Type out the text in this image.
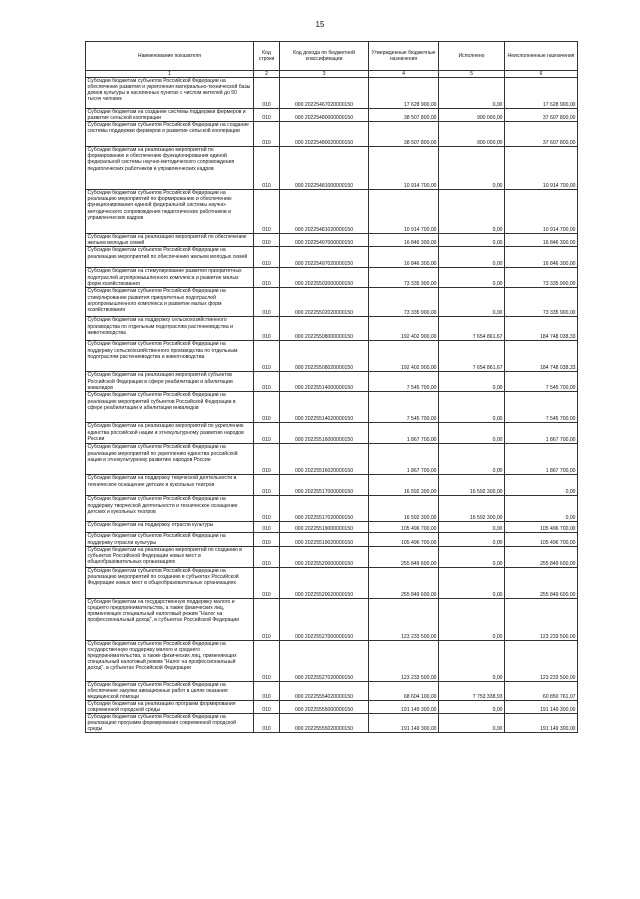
15
Наименование показателя	Код строки	Код дохода по бюджетной классификации	Утвержденные бюджетные назначения	Исполнено	Неисполненные назначения
1	2	3	4	5	6
Субсидии бюджетам субъектов Российской Федерации на обеспечение развития и укрепления материально-технической базы домов культуры в населенных пунктах с числом жителей до 50 тысяч человек	010	000 20225467020000150	17 628 900,00	0,00	17 628 900,00
Субсидии бюджетам на создание системы поддержки фермеров и развитие сельской кооперации	010	000 20225480000000150	38 507 800,00	900 000,00	37 607 800,00
Субсидии бюджетам субъектов Российской Федерации на создание системы поддержки фермеров и развитие сельской кооперации	010	000 20225480020000150	38 507 800,00	900 000,00	37 607 800,00
Субсидии бюджетам на реализацию мероприятий по формированию и обеспечению функционирования единой федеральной системы научно-методического сопровождения педагогических работников и управленческих кадров	010	000 20225481000000150	10 914 700,00	0,00	10 914 700,00
Субсидии бюджетам субъектов Российской Федерации на реализацию мероприятий по формированию и обеспечению функционирования единой федеральной системы научно-методического сопровождения педагогических работников и управленческих кадров	010	000 20225481020000150	10 914 700,00	0,00	10 914 700,00
Субсидии бюджетам на реализацию мероприятий по обеспечению жильем молодых семей	010	000 20225497000000150	16 846 300,00	0,00	16 846 300,00
Субсидии бюджетам субъектов Российской Федерации на реализацию мероприятий по обеспечению жильем молодых семей	010	000 20225497020000150	16 846 300,00	0,00	16 846 300,00
Субсидии бюджетам на стимулирование развития приоритетных подотраслей агропромышленного комплекса и развитие малых форм хозяйствования	010	000 20225502000000150	73 335 900,00	0,00	73 335 900,00
Субсидии бюджетам субъектов Российской Федерации на стимулирование развития приоритетных подотраслей агропромышленного комплекса и развитие малых форм хозяйствования	010	000 20225502020000150	73 335 900,00	0,00	73 335 900,00
Субсидии бюджетам на поддержку сельскохозяйственного производства по отдельным подотраслям растениеводства и животноводства	010	000 20225508000000150	192 402 900,00	7 654 861,67	184 748 038,33
Субсидии бюджетам субъектов Российской Федерации на поддержку сельскохозяйственного производства по отдельным подотраслям растениеводства и животноводства	010	000 20225508020000150	192 402 900,00	7 654 861,67	184 748 038,33
Субсидии бюджетам на реализацию мероприятий субъектов Российской Федерации в сфере реабилитации и абилитации инвалидов	010	000 20225514000000150	7 545 700,00	0,00	7 545 700,00
Субсидии бюджетам субъектов Российской Федерации на реализацию мероприятий субъектов Российской Федерации в сфере реабилитации и абилитации инвалидов	010	000 20225514020000150	7 545 700,00	0,00	7 545 700,00
Субсидии бюджетам на реализацию мероприятий по укреплению единства российской нации и этнокультурному развитию народов России	010	000 20225516000000150	1 867 700,00	0,00	1 867 700,00
Субсидии бюджетам субъектов Российской Федерации на реализацию мероприятий по укреплению единства российской нации и этнокультурному развитию народов России	010	000 20225516020000150	1 867 700,00	0,00	1 867 700,00
Субсидии бюджетам на поддержку творческой деятельности и техническое оснащение детских и кукольных театров	010	000 20225517000000150	16 592 300,00	16 592 300,00	0,00
Субсидии бюджетам субъектов Российской Федерации на поддержку творческой деятельности и техническое оснащение детских и кукольных театров	010	000 20225517020000150	16 592 300,00	16 592 300,00	0,00
Субсидии бюджетам на поддержку отрасли культуры	010	000 20225519000000150	105 496 700,00	0,00	105 496 700,00
Субсидии бюджетам субъектов Российской Федерации на поддержку отрасли культуры	010	000 20225519020000150	105 496 700,00	0,00	105 496 700,00
Субсидии бюджетам на реализацию мероприятий по созданию в субъектах Российской Федерации новых мест в общеобразовательных организациях	010	000 20225520000000150	255 849 600,00	0,00	255 849 600,00
Субсидии бюджетам субъектов Российской Федерации на реализацию мероприятий по созданию в субъектах Российской Федерации новых мест в общеобразовательных организациях	010	000 20225520020000150	255 849 600,00	0,00	255 849 600,00
Субсидии бюджетам на государственную поддержку малого и среднего предпринимательства, а также физических лиц, применяющих специальный налоговый режим "Налог на профессиональный доход", в субъектах Российской Федерации	010	000 20225527000000150	123 233 500,00	0,00	123 233 500,00
Субсидии бюджетам субъектов Российской Федерации на государственную поддержку малого и среднего предпринимательства, а также физических лиц, применяющих специальный налоговый режим "Налог на профессиональный доход", в субъектах Российской Федерации	010	000 20225527020000150	123 233 500,00	0,00	123 233 500,00
Субсидии бюджетам субъектов Российской Федерации на обеспечение закупки авиационных работ в целях оказания медицинской помощи	010	000 20225554020000150	68 604 100,00	7 753 338,93	60 850 761,07
Субсидии бюджетам на реализацию программ формирования современной городской среды	010	000 20225555000000150	191 149 300,00	0,00	191 149 300,00
Субсидии бюджетам субъектов Российской Федерации на реализацию программ формирования современной городской среды	010	000 20225555020000150	191 149 300,00	0,00	191 149 300,00
